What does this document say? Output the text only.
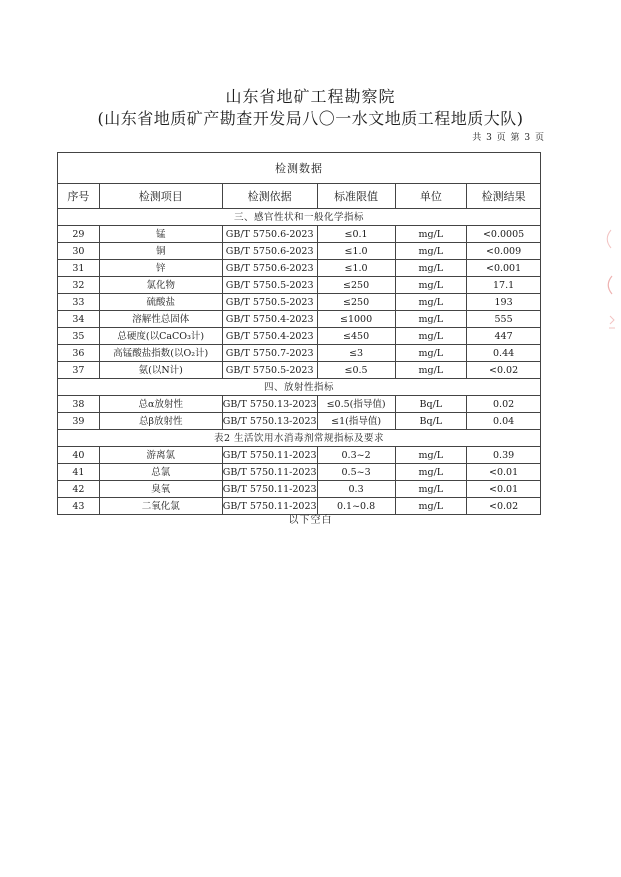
山东省地矿工程勘察院
(山东省地质矿产勘查开发局八〇一水文地质工程地质大队)
共 3 页 第 3 页
检测数据					
序号	检测项目	检测依据	标准限值	单位	检测结果
三、感官性状和一般化学指标					
29	锰	GB/T 5750.6-2023	≤0.1	mg/L	<0.0005
30	铜	GB/T 5750.6-2023	≤1.0	mg/L	<0.009
31	锌	GB/T 5750.6-2023	≤1.0	mg/L	<0.001
32	氯化物	GB/T 5750.5-2023	≤250	mg/L	17.1
33	硫酸盐	GB/T 5750.5-2023	≤250	mg/L	193
34	溶解性总固体	GB/T 5750.4-2023	≤1000	mg/L	555
35	总硬度(以CaCO₃计)	GB/T 5750.4-2023	≤450	mg/L	447
36	高锰酸盐指数(以O₂计)	GB/T 5750.7-2023	≤3	mg/L	0.44
37	氨(以N计)	GB/T 5750.5-2023	≤0.5	mg/L	<0.02
四、放射性指标					
38	总α放射性	GB/T 5750.13-2023	≤0.5(指导值)	Bq/L	0.02
39	总β放射性	GB/T 5750.13-2023	≤1(指导值)	Bq/L	0.04
表2 生活饮用水消毒剂常规指标及要求					
40	游离氯	GB/T 5750.11-2023	0.3~2	mg/L	0.39
41	总氯	GB/T 5750.11-2023	0.5~3	mg/L	<0.01
42	臭氧	GB/T 5750.11-2023	0.3	mg/L	<0.01
43	二氧化氯	GB/T 5750.11-2023	0.1~0.8	mg/L	<0.02
以下空白
